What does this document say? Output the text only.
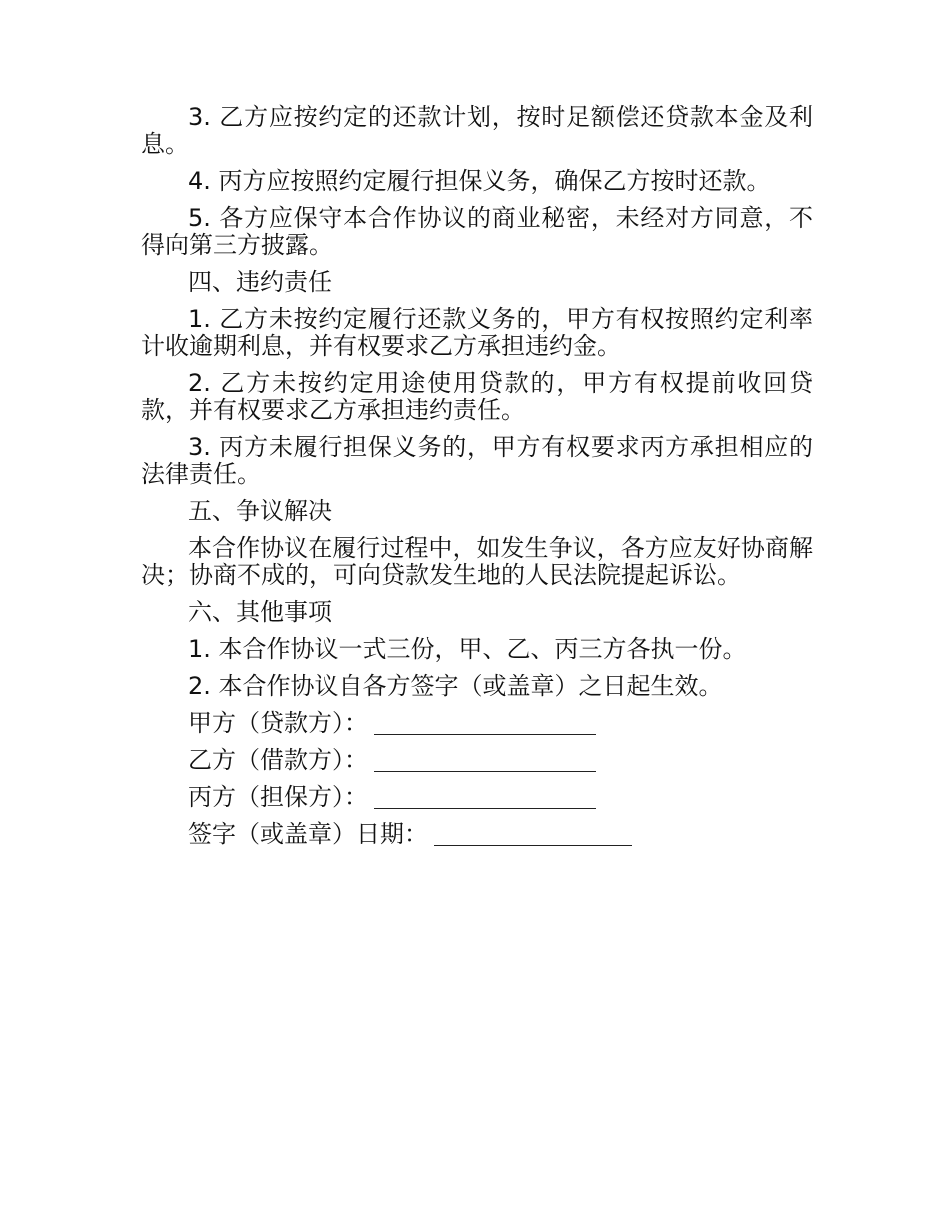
3. 乙方应按约定的还款计划，按时足额偿还贷款本金及利息。

4. 丙方应按照约定履行担保义务，确保乙方按时还款。

5. 各方应保守本合作协议的商业秘密，未经对方同意，不得向第三方披露。

四、违约责任

1. 乙方未按约定履行还款义务的，甲方有权按照约定利率计收逾期利息，并有权要求乙方承担违约金。

2. 乙方未按约定用途使用贷款的，甲方有权提前收回贷款，并有权要求乙方承担违约责任。

3. 丙方未履行担保义务的，甲方有权要求丙方承担相应的法律责任。

五、争议解决

本合作协议在履行过程中，如发生争议，各方应友好协商解决；协商不成的，可向贷款发生地的人民法院提起诉讼。

六、其他事项

1. 本合作协议一式三份，甲、乙、丙三方各执一份。

2. 本合作协议自各方签字（或盖章）之日起生效。

甲方（贷款方）：
乙方（借款方）：
丙方（担保方）：
签字（或盖章）日期：
